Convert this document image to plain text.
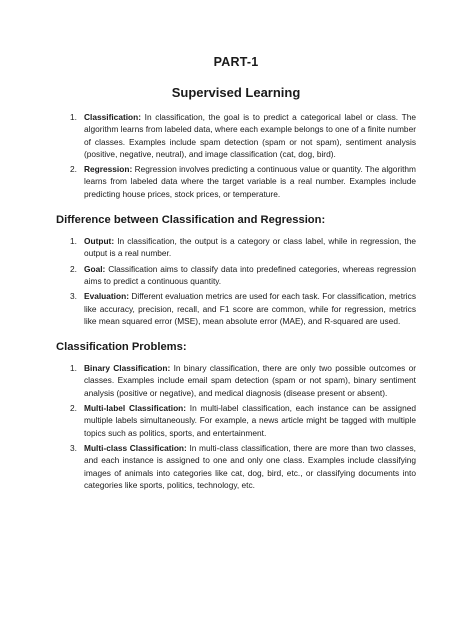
PART-1
Supervised Learning
1. Classification: In classification, the goal is to predict a categorical label or class. The algorithm learns from labeled data, where each example belongs to one of a finite number of classes. Examples include spam detection (spam or not spam), sentiment analysis (positive, negative, neutral), and image classification (cat, dog, bird).
2. Regression: Regression involves predicting a continuous value or quantity. The algorithm learns from labeled data where the target variable is a real number. Examples include predicting house prices, stock prices, or temperature.
Difference between Classification and Regression:
1. Output: In classification, the output is a category or class label, while in regression, the output is a real number.
2. Goal: Classification aims to classify data into predefined categories, whereas regression aims to predict a continuous quantity.
3. Evaluation: Different evaluation metrics are used for each task. For classification, metrics like accuracy, precision, recall, and F1 score are common, while for regression, metrics like mean squared error (MSE), mean absolute error (MAE), and R-squared are used.
Classification Problems:
1. Binary Classification: In binary classification, there are only two possible outcomes or classes. Examples include email spam detection (spam or not spam), binary sentiment analysis (positive or negative), and medical diagnosis (disease present or absent).
2. Multi-label Classification: In multi-label classification, each instance can be assigned multiple labels simultaneously. For example, a news article might be tagged with multiple topics such as politics, sports, and entertainment.
3. Multi-class Classification: In multi-class classification, there are more than two classes, and each instance is assigned to one and only one class. Examples include classifying images of animals into categories like cat, dog, bird, etc., or classifying documents into categories like sports, politics, technology, etc.
